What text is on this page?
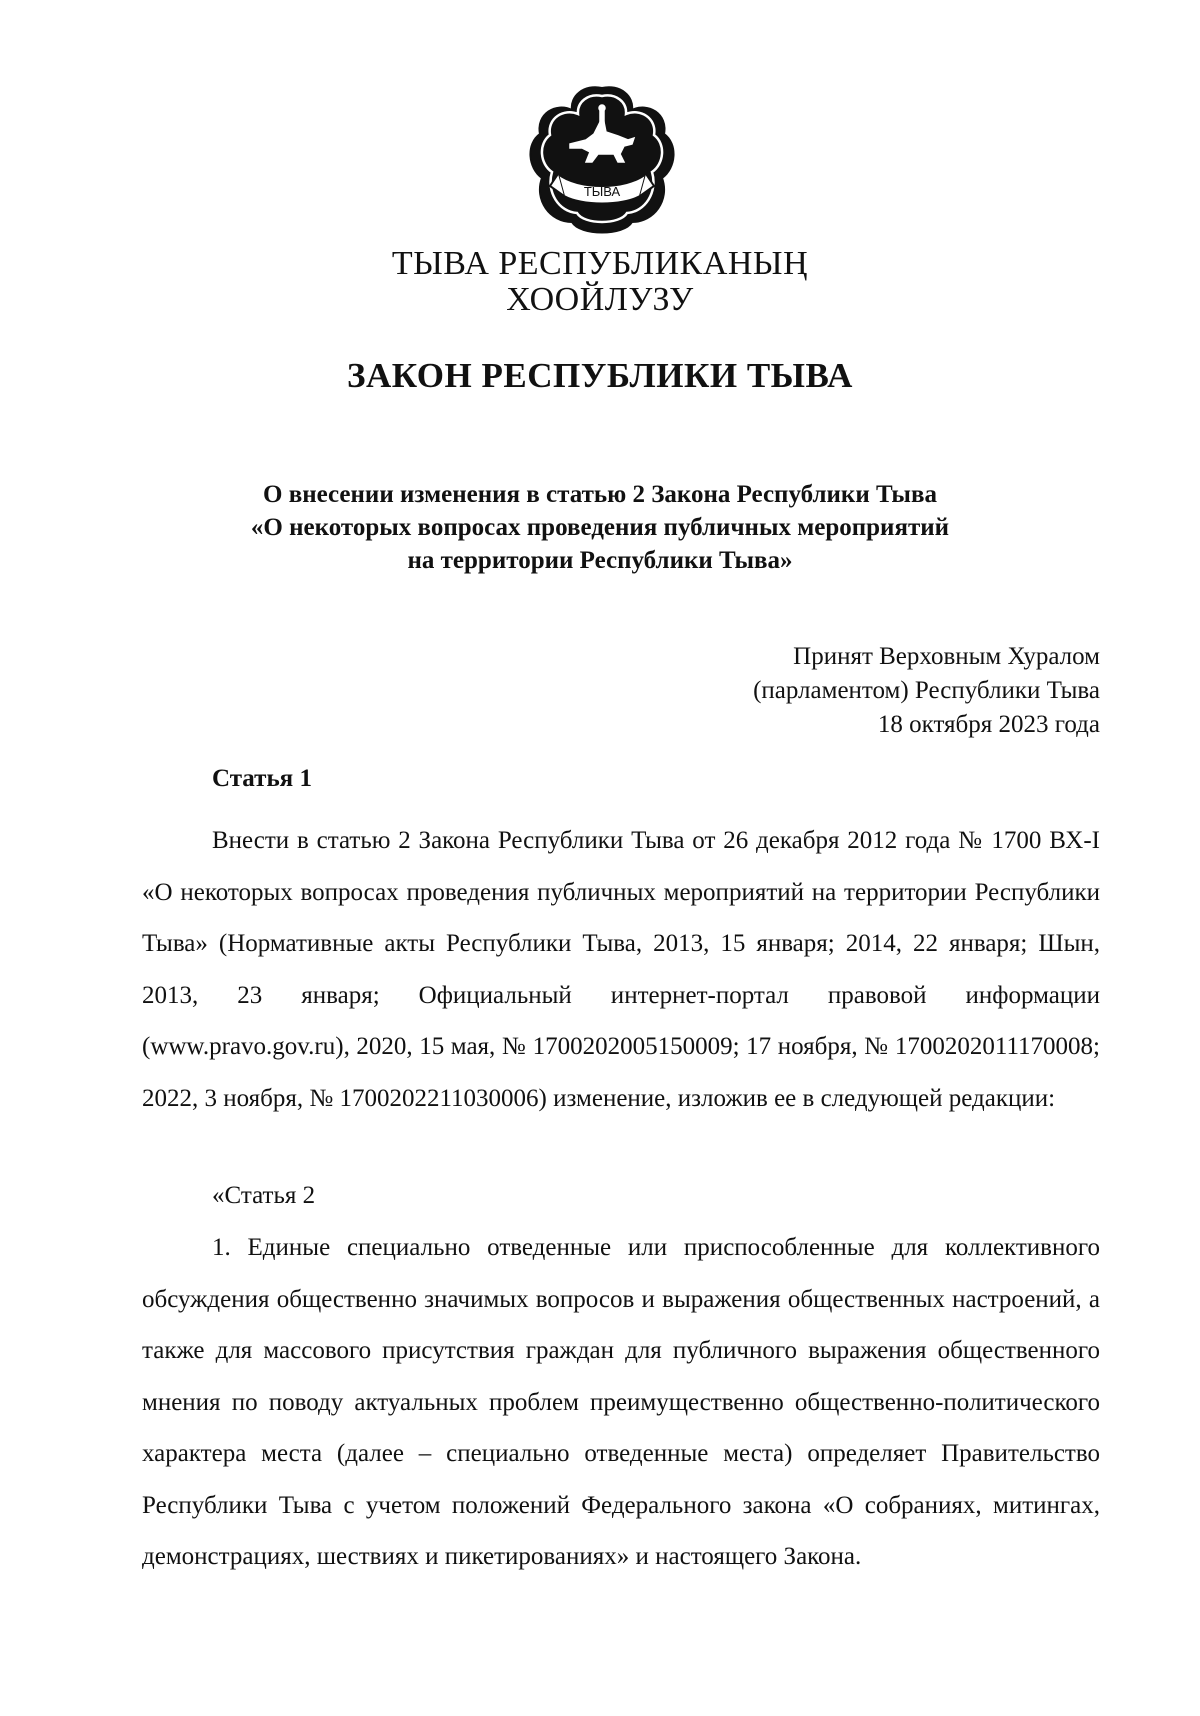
ТЫВА
ТЫВА РЕСПУБЛИКАНЫҢ
ХООЙЛУЗУ
ЗАКОН РЕСПУБЛИКИ ТЫВА
О внесении изменения в статью 2 Закона Республики Тыва
«О некоторых вопросах проведения публичных мероприятий
на территории Республики Тыва»
Принят Верховным Хуралом
(парламентом) Республики Тыва
18 октября 2023 года
Статья 1
Внести в статью 2 Закона Республики Тыва от 26 декабря 2012 года № 1700 ВХ-I «О некоторых вопросах проведения публичных мероприятий на территории Республики Тыва» (Нормативные акты Республики Тыва, 2013, 15 января; 2014, 22 января; Шын, 2013, 23 января; Официальный интернет-портал правовой информации (www.pravo.gov.ru), 2020, 15 мая, № 1700202005150009; 17 ноября, № 1700202011170008; 2022, 3 ноября, № 1700202211030006) изменение, изложив ее в следующей редакции:
«Статья 2
1. Единые специально отведенные или приспособленные для коллективного обсуждения общественно значимых вопросов и выражения общественных настроений, а также для массового присутствия граждан для публичного выражения общественного мнения по поводу актуальных проблем преимущественно общественно-политического характера места (далее – специально отведенные места) определяет Правительство Республики Тыва с учетом положений Федерального закона «О собраниях, митингах, демонстрациях, шествиях и пикетированиях» и настоящего Закона.
